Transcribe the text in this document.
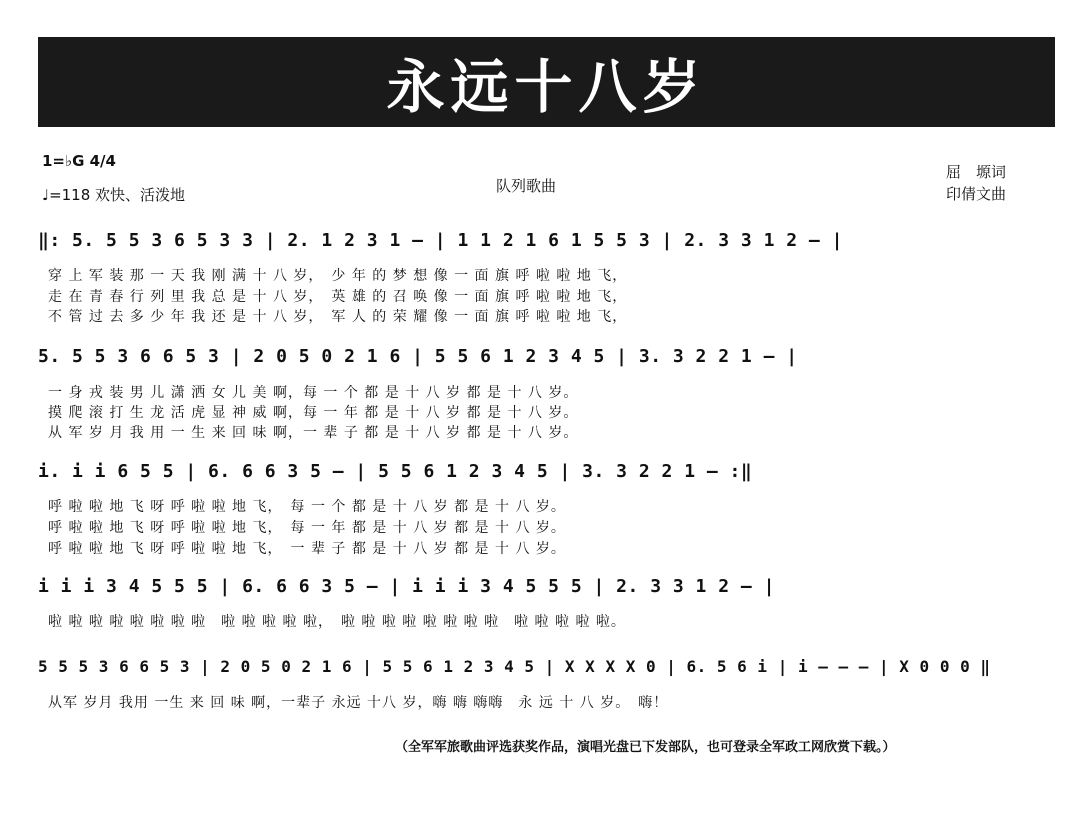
永远十八岁
1=♭G 4/4
♩=118 欢快、活泼地	队列歌曲
屈　塬词
印倩文曲
‖: 5. 5 5 3 6 5 3 3 | 2. 1 2 3 1 – | 1 1 2 1 6 1 5 5 3 | 2. 3 3 1 2 – |
穿 上 军 装 那 一 天 我 刚 满 十 八 岁，　少 年 的 梦 想 像 一 面 旗 呼 啦 啦 地 飞，
走 在 青 春 行 列 里 我 总 是 十 八 岁，　英 雄 的 召 唤 像 一 面 旗 呼 啦 啦 地 飞，
不 管 过 去 多 少 年 我 还 是 十 八 岁，　军 人 的 荣 耀 像 一 面 旗 呼 啦 啦 地 飞，
5. 5 5 3 6 6 5 3 | 2 0 5 0 2 1 6 | 5 5 6 1 2 3 4 5 | 3. 3 2 2 1 – |
一 身 戎 装 男 儿 潇 洒 女 儿 美 啊，每 一 个 都 是 十 八 岁 都 是 十 八 岁。
摸 爬 滚 打 生 龙 活 虎 显 神 威 啊，每 一 年 都 是 十 八 岁 都 是 十 八 岁。
从 军 岁 月 我 用 一 生 来 回 味 啊，一 辈 子 都 是 十 八 岁 都 是 十 八 岁。
i. i i 6 5 5 | 6. 6 6 3 5 – | 5 5 6 1 2 3 4 5 | 3. 3 2 2 1 – :‖
呼 啦 啦 地 飞 呀 呼 啦 啦 地 飞，　每 一 个 都 是 十 八 岁 都 是 十 八 岁。
呼 啦 啦 地 飞 呀 呼 啦 啦 地 飞，　每 一 年 都 是 十 八 岁 都 是 十 八 岁。
呼 啦 啦 地 飞 呀 呼 啦 啦 地 飞，　一 辈 子 都 是 十 八 岁 都 是 十 八 岁。
i i i 3 4 5 5 5 | 6. 6 6 3 5 – | i i i 3 4 5 5 5 | 2. 3 3 1 2 – |
啦 啦 啦 啦 啦 啦 啦 啦　啦 啦 啦 啦 啦，　啦 啦 啦 啦 啦 啦 啦 啦　啦 啦 啦 啦 啦。
5 5 5 3 6 6 5 3 | 2 0 5 0 2 1 6 | 5 5 6 1 2 3 4 5 | X X X X 0 | 6. 5 6 i | i – – – | X 0 0 0 ‖
从军 岁月 我用 一生 来 回 味 啊，一辈子 永远 十八 岁，嗨 嗨 嗨嗨　永 远 十 八 岁。　嗨！
（全军军旅歌曲评选获奖作品，演唱光盘已下发部队，也可登录全军政工网欣赏下载。）
